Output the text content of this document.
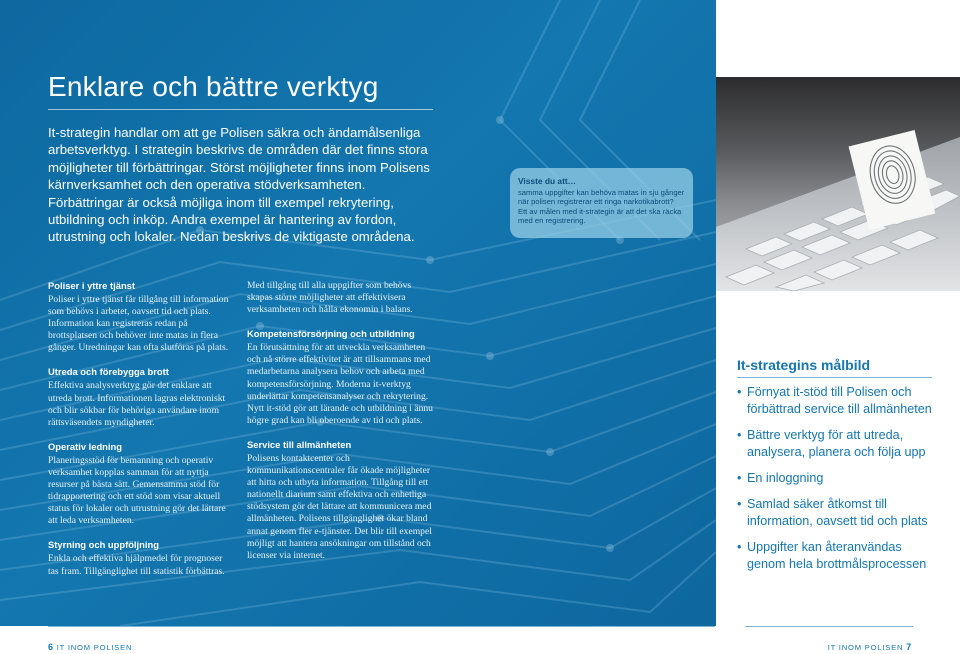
Enklare och bättre verktyg

It-strategin handlar om att ge Polisen säkra och ändamålsenliga arbetsverktyg. I strategin beskrivs de områden där det finns stora möjligheter till förbättringar. Störst möjligheter finns inom Polisens kärnverksamhet och den operativa stödverksamheten. Förbättringar är också möjliga inom till exempel rekrytering, utbildning och inköp. Andra exempel är hantering av fordon, utrustning och lokaler. Nedan beskrivs de viktigaste områdena.

Visste du att…
samma uppgifter kan behöva matas in sju gånger när polisen registrerar ett ringa narkotikabrott? Ett av målen med it-strategin är att det ska räcka med en registrering.
Poliser i yttre tjänst
Poliser i yttre tjänst får tillgång till information som behövs i arbetet, oavsett tid och plats. Information kan registreras redan på brottsplatsen och behöver inte matas in flera gånger. Utredningar kan ofta slutföras på plats.
Utreda och förebygga brott
Effektiva analysverktyg gör det enklare att utreda brott. Informationen lagras elektroniskt och blir sökbar för behöriga användare inom rättsväsendets myndigheter.
Operativ ledning
Planeringsstöd för bemanning och operativ verksamhet kopplas samman för att nyttja resurser på bästa sätt. Gemensamma stöd för tidrapportering och ett stöd som visar aktuell status för lokaler och utrustning gör det lättare att leda verksamheten.
Styrning och uppföljning
Enkla och effektiva hjälpmedel för prognoser tas fram. Tillgänglighet till statistik förbättras.
Med tillgång till alla uppgifter som behövs skapas större möjligheter att effektivisera verksamheten och hålla ekonomin i balans.
Kompetensförsörjning och utbildning
En förutsättning för att utveckla verksamheten och nå större effektivitet är att tillsammans med medarbetarna analysera behov och arbeta med kompetensförsörjning. Moderna it-verktyg underlättar kompetensanalyser och rekrytering. Nytt it-stöd gör att lärande och utbildning i ännu högre grad kan bli oberoende av tid och plats.
Service till allmänheten
Polisens kontaktcenter och kommunikationscentraler får ökade möjligheter att hitta och utbyta information. Tillgång till ett nationellt diarium samt effektiva och enhetliga stödsystem gör det lättare att kommunicera med allmänheten. Polisens tillgänglighet ökar bland annat genom fler e-tjänster. Det blir till exempel möjligt att hantera ansökningar om tillstånd och licenser via internet.
It-strategins målbild
• Förnyat it-stöd till Polisen och förbättrad service till allmänheten
• Bättre verktyg för att utreda, analysera, planera och följa upp
• En inloggning
• Samlad säker åtkomst till information, oavsett tid och plats
• Uppgifter kan återanvändas genom hela brottmålsprocessen
6 IT INOM POLISEN	IT INOM POLISEN 7
